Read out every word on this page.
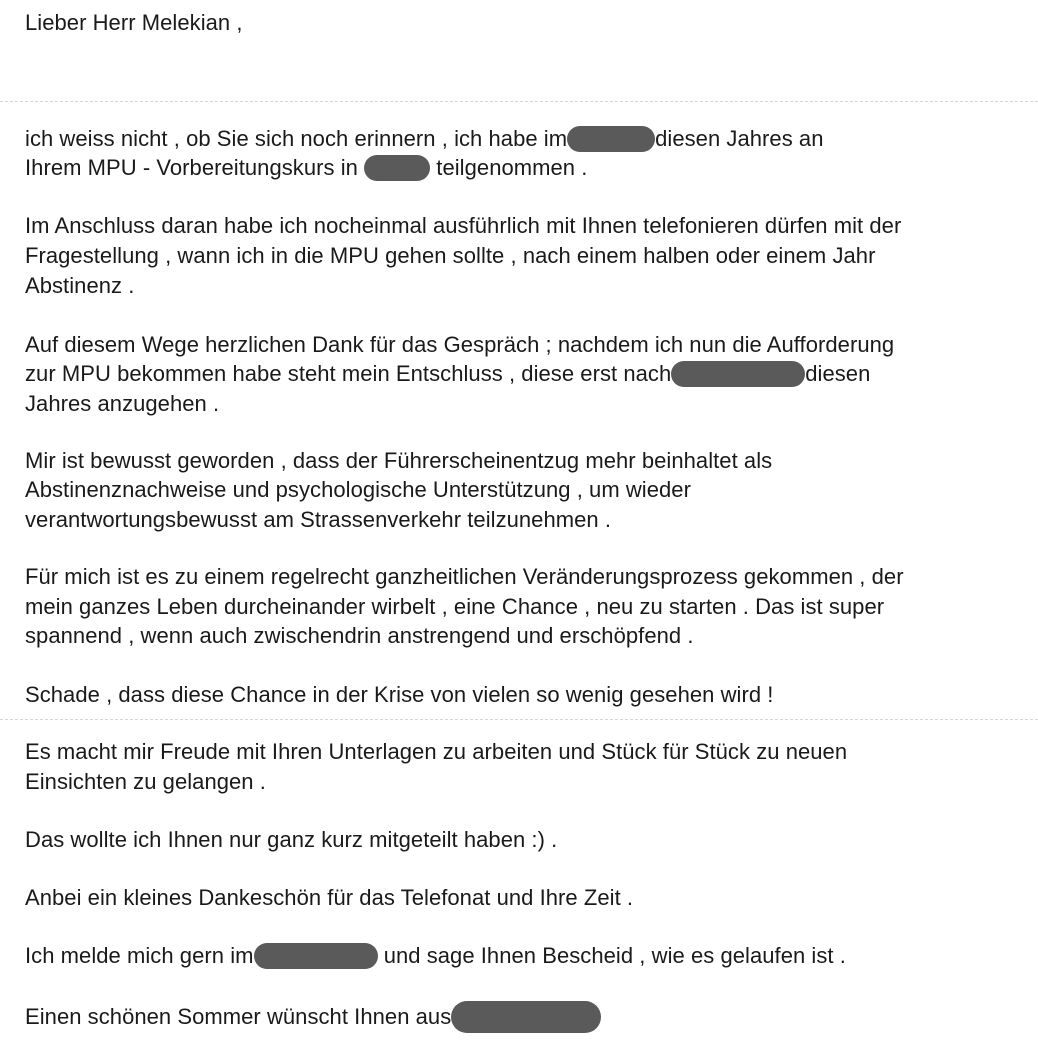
Lieber Herr Melekian ,
ich weiss nicht , ob Sie sich noch erinnern , ich habe im	diesen Jahres an
Ihrem MPU - Vorbereitungskurs in	teilgenommen .
Im Anschluss daran habe ich nocheinmal ausführlich mit Ihnen telefonieren dürfen mit der
Fragestellung , wann ich in die MPU gehen sollte , nach einem halben oder einem Jahr
Abstinenz .
Auf diesem Wege herzlichen Dank für das Gespräch ; nachdem ich nun die Aufforderung
zur MPU bekommen habe steht mein Entschluss , diese erst nach	diesen
Jahres anzugehen .
Mir ist bewusst geworden , dass der Führerscheinentzug mehr beinhaltet als
Abstinenznachweise und psychologische Unterstützung , um wieder
verantwortungsbewusst am Strassenverkehr teilzunehmen .
Für mich ist es zu einem regelrecht ganzheitlichen Veränderungsprozess gekommen , der
mein ganzes Leben durcheinander wirbelt , eine Chance , neu zu starten . Das ist super
spannend , wenn auch zwischendrin anstrengend und erschöpfend .
Schade , dass diese Chance in der Krise von vielen so wenig gesehen wird !
Es macht mir Freude mit Ihren Unterlagen zu arbeiten und Stück für Stück zu neuen
Einsichten zu gelangen .
Das wollte ich Ihnen nur ganz kurz mitgeteilt haben :) .
Anbei ein kleines Dankeschön für das Telefonat und Ihre Zeit .
Ich melde mich gern im	und sage Ihnen Bescheid , wie es gelaufen ist .
Einen schönen Sommer wünscht Ihnen aus
